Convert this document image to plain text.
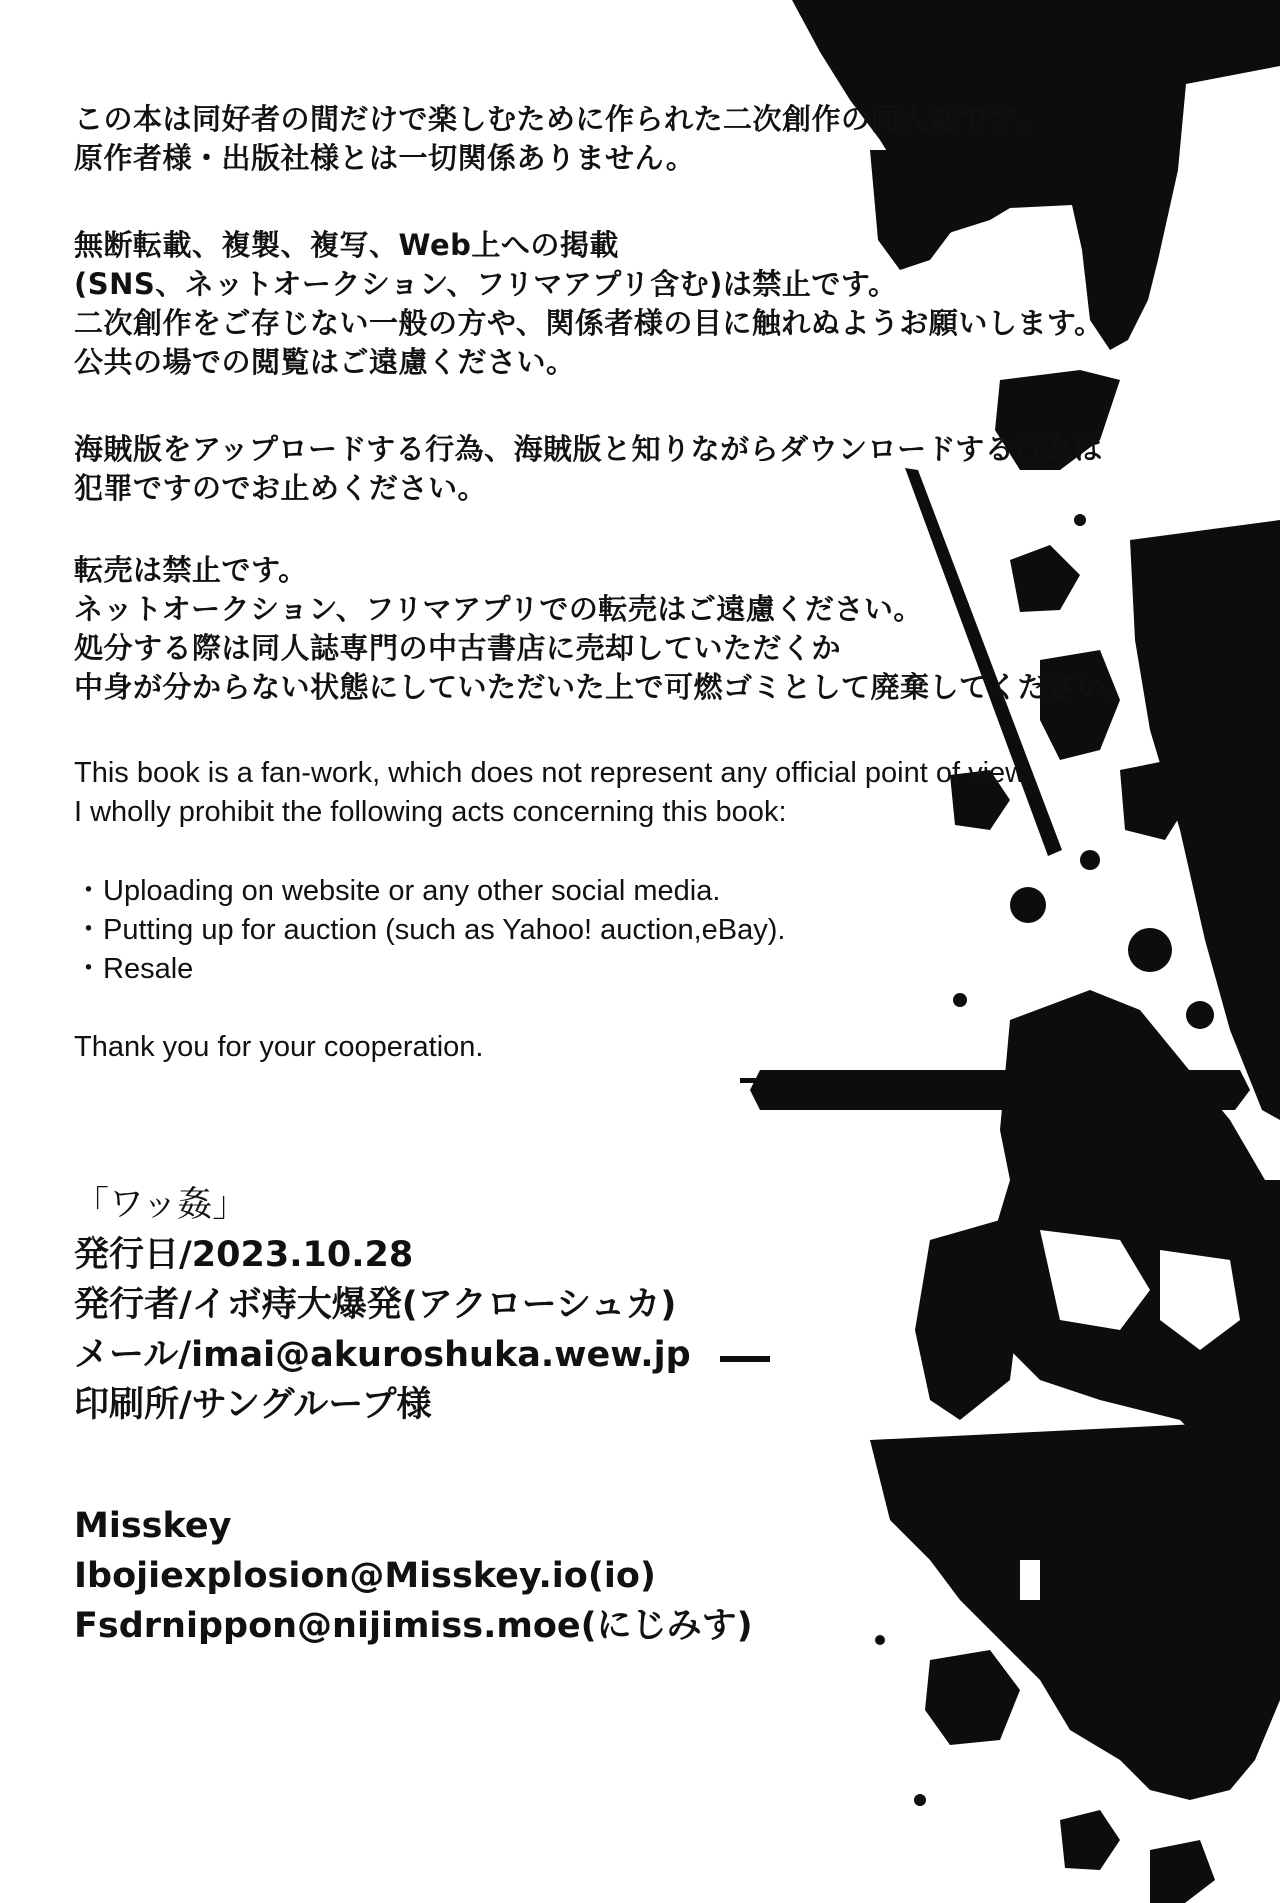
この本は同好者の間だけで楽しむために作られた二次創作の同人誌です。
原作者様・出版社様とは一切関係ありません。
無断転載、複製、複写、Web上への掲載
(SNS、ネットオークション、フリマアプリ含む)は禁止です。
二次創作をご存じない一般の方や、関係者様の目に触れぬようお願いします。
公共の場での閲覧はご遠慮ください。
海賊版をアップロードする行為、海賊版と知りながらダウンロードする行為は
犯罪ですのでお止めください。
転売は禁止です。
ネットオークション、フリマアプリでの転売はご遠慮ください。
処分する際は同人誌専門の中古書店に売却していただくか
中身が分からない状態にしていただいた上で可燃ゴミとして廃棄してください。
This book is a fan-work, which does not represent any official point of view.
I wholly prohibit the following acts concerning this book:
・Uploading on website or any other social media.
・Putting up for auction (such as Yahoo! auction,eBay).
・Resale
Thank you for your cooperation.
「ワッ姦」
発行日/2023.10.28
発行者/イボ痔大爆発(アクローシュカ)
メール/imai@akuroshuka.wew.jp
印刷所/サングループ様
Misskey
Ibojiexplosion@Misskey.io(io)
Fsdrnippon@nijimiss.moe(にじみす)
